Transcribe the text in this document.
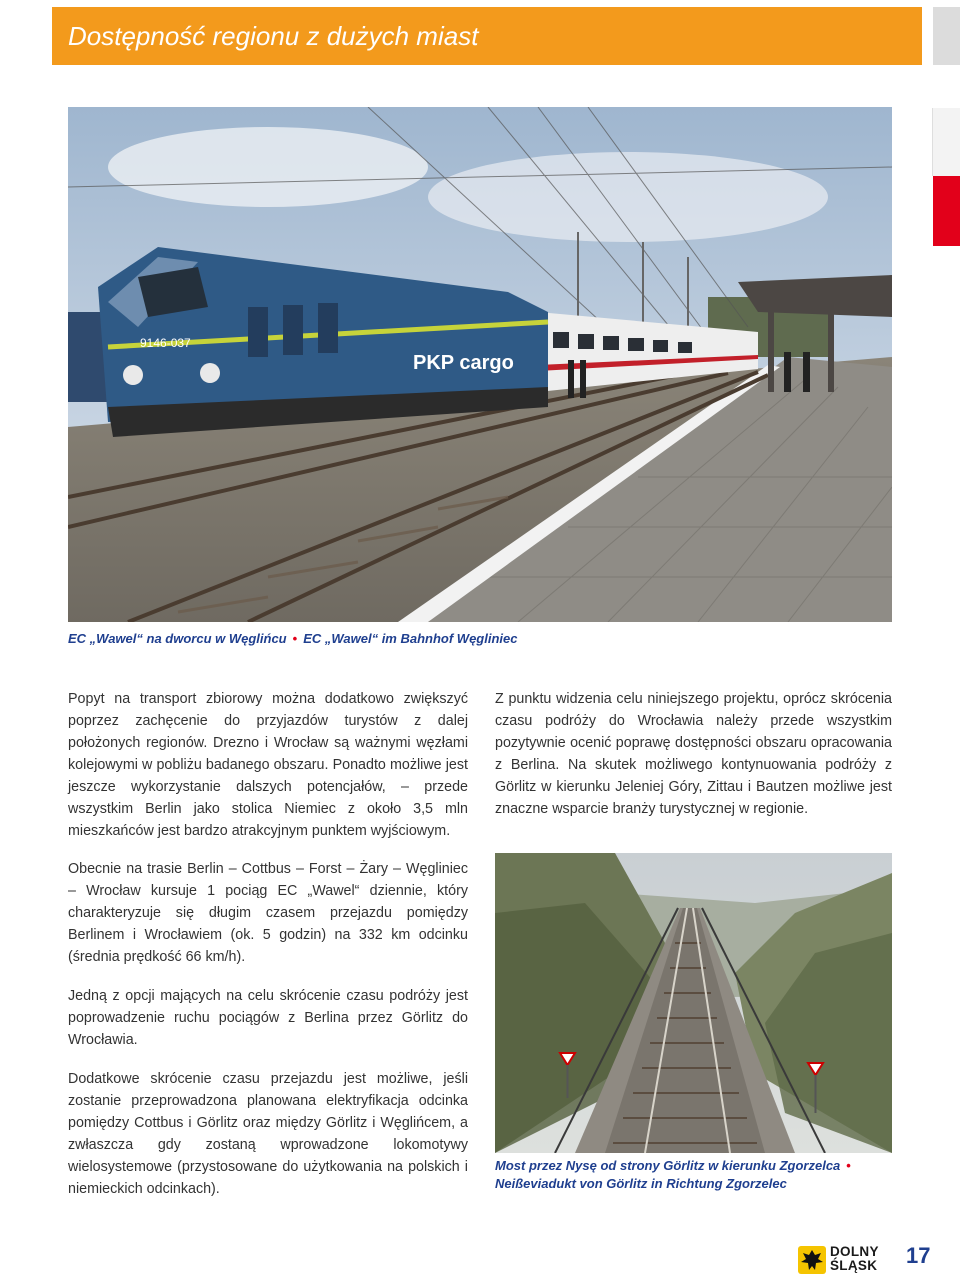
Dostępność regionu z dużych miast
9146-037
PKP cargo
EC „Wawel“ na dworcu w Węglińcu • EC „Wawel“ im Bahnhof Węgliniec

Popyt na transport zbiorowy można dodatkowo zwiększyć poprzez zachęcenie do przyjazdów turystów z dalej położonych regionów. Drezno i Wrocław są ważnymi węzłami kolejowymi w pobliżu badanego obszaru. Ponadto możliwe jest jeszcze wykorzystanie dalszych potencjałów, – przede wszystkim Berlin jako stolica Niemiec z około 3,5 mln mieszkańców jest bardzo atrakcyjnym punktem wyjściowym.

Obecnie na trasie Berlin – Cottbus – Forst – Żary – Węgliniec – Wrocław kursuje 1 pociąg EC „Wawel“ dziennie, który charakteryzuje się długim czasem przejazdu pomiędzy Berlinem i Wrocławiem (ok. 5 godzin) na 332 km odcinku (średnia prędkość 66 km/h).

Jedną z opcji mających na celu skrócenie czasu podróży jest poprowadzenie ruchu pociągów z Berlina przez Görlitz do Wrocławia.

Dodatkowe skrócenie czasu przejazdu jest możliwe, jeśli zostanie przeprowadzona planowana elektryfikacja odcinka pomiędzy Cottbus i Görlitz oraz między Görlitz i Węglińcem, a zwłaszcza gdy zostaną wprowadzone lokomotywy wielosystemowe (przystosowane do użytkowania na polskich i niemieckich odcinkach).

Z punktu widzenia celu niniejszego projektu, oprócz skrócenia czasu podróży do Wrocławia należy przede wszystkim pozytywnie ocenić poprawę dostępności obszaru opracowania z Berlina. Na skutek możliwego kontynuowania podróży z Görlitz w kierunku Jeleniej Góry, Zittau i Bautzen możliwe jest znaczne wsparcie branży turystycznej w regionie.

Most przez Nysę od strony Görlitz w kierunku Zgorzelca •
Neißeviadukt von Görlitz in Richtung Zgorzelec
DOLNY
ŚLĄSK 17
